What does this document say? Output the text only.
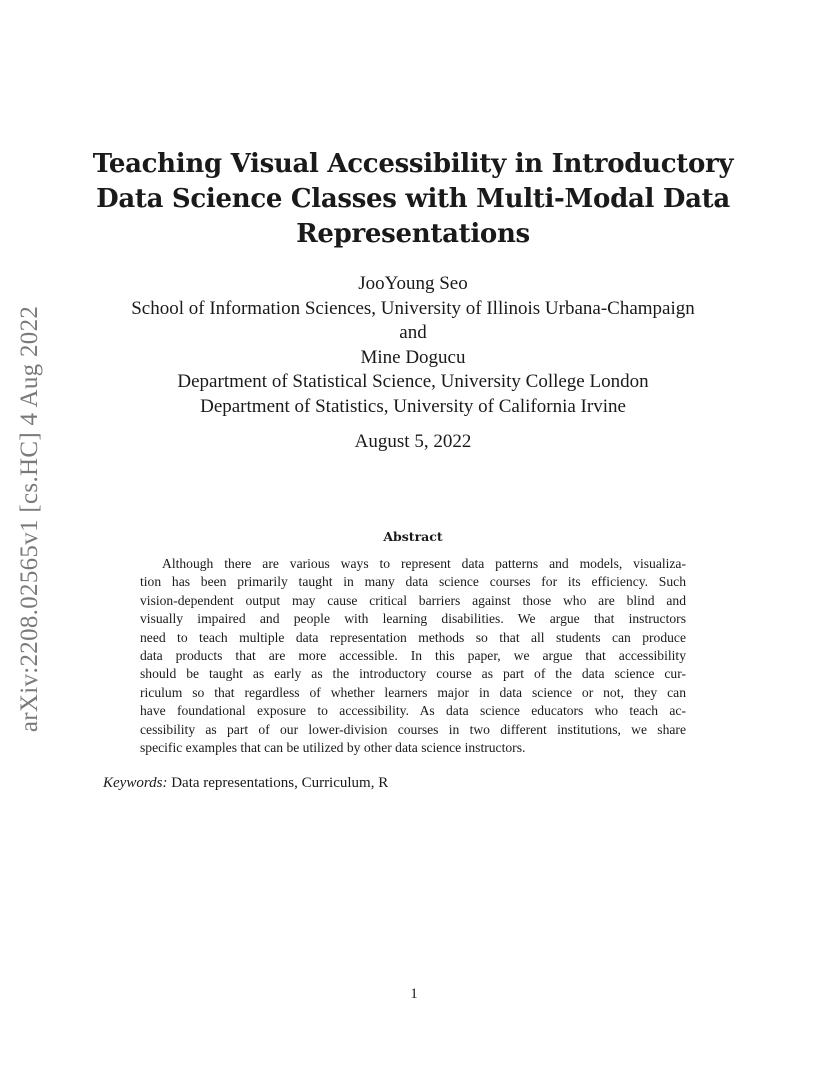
arXiv:2208.02565v1 [cs.HC] 4 Aug 2022
Teaching Visual Accessibility in Introductory
Data Science Classes with Multi-Modal Data
Representations
JooYoung Seo
School of Information Sciences, University of Illinois Urbana-Champaign
and
Mine Dogucu
Department of Statistical Science, University College London
Department of Statistics, University of California Irvine
August 5, 2022
Abstract
Although there are various ways to represent data patterns and models, visualiza-
tion has been primarily taught in many data science courses for its efficiency. Such
vision-dependent output may cause critical barriers against those who are blind and
visually impaired and people with learning disabilities. We argue that instructors
need to teach multiple data representation methods so that all students can produce
data products that are more accessible. In this paper, we argue that accessibility
should be taught as early as the introductory course as part of the data science cur-
riculum so that regardless of whether learners major in data science or not, they can
have foundational exposure to accessibility. As data science educators who teach ac-
cessibility as part of our lower-division courses in two different institutions, we share
specific examples that can be utilized by other data science instructors.
Keywords: Data representations, Curriculum, R
1
